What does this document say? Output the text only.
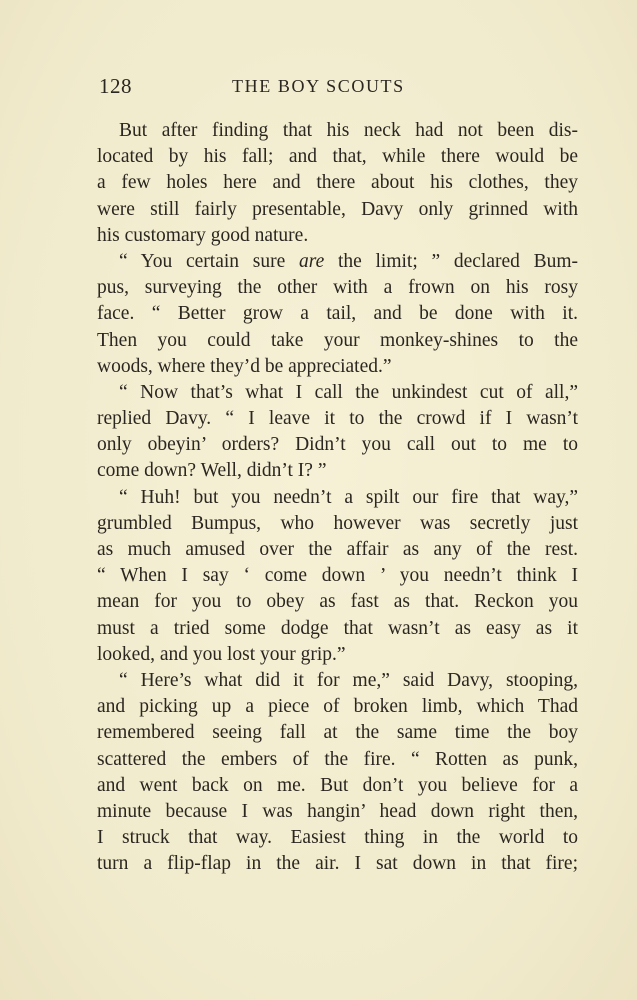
128	THE BOY SCOUTS
But after finding that his neck had not been dis-
located by his fall; and that, while there would be
a few holes here and there about his clothes, they
were still fairly presentable, Davy only grinned with
his customary good nature.
“ You certain sure are the limit; ” declared Bum-
pus, surveying the other with a frown on his rosy
face. “ Better grow a tail, and be done with it.
Then you could take your monkey-shines to the
woods, where they’d be appreciated.”
“ Now that’s what I call the unkindest cut of all,”
replied Davy. “ I leave it to the crowd if I wasn’t
only obeyin’ orders? Didn’t you call out to me to
come down? Well, didn’t I? ”
“ Huh! but you needn’t a spilt our fire that way,”
grumbled Bumpus, who however was secretly just
as much amused over the affair as any of the rest.
“ When I say ‘ come down ’ you needn’t think I
mean for you to obey as fast as that. Reckon you
must a tried some dodge that wasn’t as easy as it
looked, and you lost your grip.”
“ Here’s what did it for me,” said Davy, stooping,
and picking up a piece of broken limb, which Thad
remembered seeing fall at the same time the boy
scattered the embers of the fire. “ Rotten as punk,
and went back on me. But don’t you believe for a
minute because I was hangin’ head down right then,
I struck that way. Easiest thing in the world to
turn a flip-flap in the air. I sat down in that fire;
